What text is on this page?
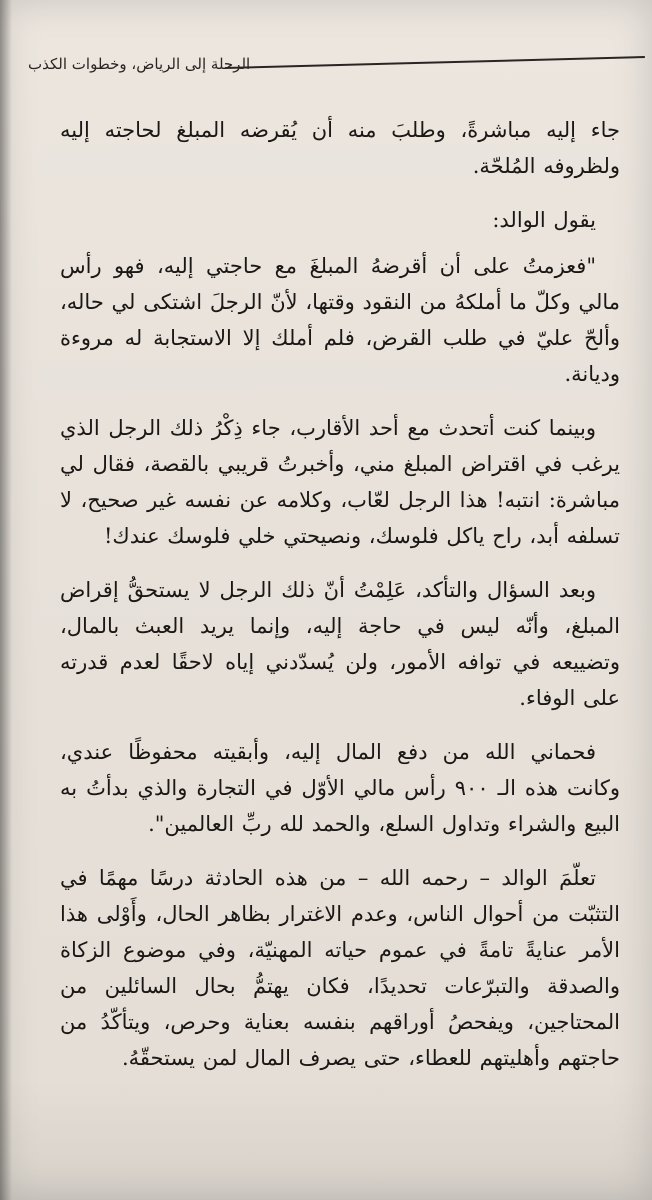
الرحلة إلى الرياض، وخطوات الكذب

جاء إليه مباشرةً، وطلبَ منه أن يُقرضه المبلغ لحاجته إليه ولظروفه المُلحّة.

يقول الوالد:

"فعزمتُ على أن أقرضهُ المبلغَ مع حاجتي إليه، فهو رأس مالي وكلّ ما أملكهُ من النقود وقتها، لأنّ الرجلَ اشتكى لي حاله، وألحّ عليّ في طلب القرض، فلم أملك إلا الاستجابة له مروءة وديانة.

وبينما كنت أتحدث مع أحد الأقارب، جاء ذِكْرُ ذلك الرجل الذي يرغب في اقتراض المبلغ مني، وأخبرتُ قريبي بالقصة، فقال لي مباشرة: انتبه! هذا الرجل لعّاب، وكلامه عن نفسه غير صحيح، لا تسلفه أبد، راح ياكل فلوسك، ونصيحتي خلي فلوسك عندك!

وبعد السؤال والتأكد، عَلِمْتُ أنّ ذلك الرجل لا يستحقُّ إقراض المبلغ، وأنّه ليس في حاجة إليه، وإنما يريد العبث بالمال، وتضييعه في توافه الأمور، ولن يُسدّدني إياه لاحقًا لعدم قدرته على الوفاء.

فحماني الله من دفع المال إليه، وأبقيته محفوظًا عندي، وكانت هذه الـ ٩٠٠ رأس مالي الأوّل في التجارة والذي بدأتُ به البيع والشراء وتداول السلع، والحمد لله ربِّ العالمين".

تعلّمَ الوالد – رحمه الله – من هذه الحادثة درسًا مهمًا في التثبّت من أحوال الناس، وعدم الاغترار بظاهر الحال، وأَوْلى هذا الأمر عنايةً تامةً في عموم حياته المهنيّة، وفي موضوع الزكاة والصدقة والتبرّعات تحديدًا، فكان يهتمُّ بحال السائلين من المحتاجين، ويفحصُ أوراقهم بنفسه بعناية وحرص، ويتأكّدُ من حاجتهم وأهليتهم للعطاء، حتى يصرف المال لمن يستحقّهُ.
